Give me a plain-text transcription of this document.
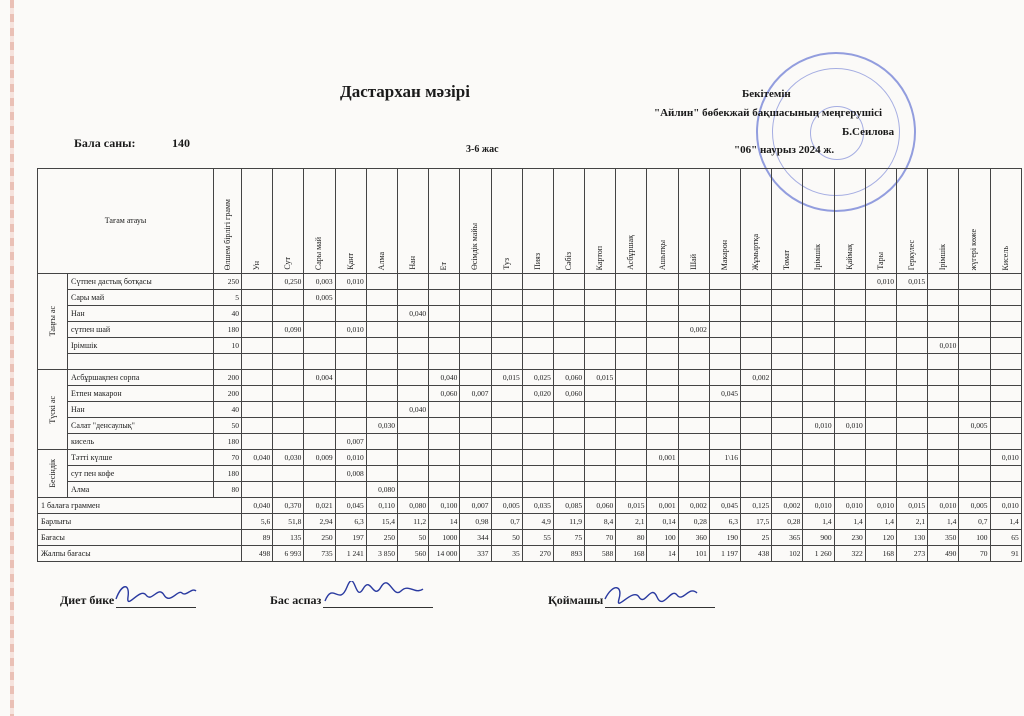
Дастархан мәзірі	Бекітемін
"Айлин" бөбекжай бақшасының меңгерушісі
Б.Сеилова
"06" наурыз 2024 ж.
Бала саны:	140	3-6 жас
Тағам атауы		Өлшем бірлігі грамм	Ун	Сут	Сары май	Қант	Алма	Нан	Ет	Өсімдік майы	Туз	Пияз	Сәбіз	Картоп	Асбұршақ	Ашытқы	Шай	Макарон	Жұмыртқа	Томат	Ірімшік	Қаймақ	Тары	Геркулес	Ірімшік	жүгері көже	Кисель

Таңғы ас	Сүтпен дастық ботқасы	250		0,250	0,003	0,010																	0,010	0,015			
	Сары май	5			0,005																						
	Нан	40						0,040																			
	сүтпен шай	180		0,090		0,010											0,002										
	Ірімшік	10																							0,010		

Түскі ас	Асбұршақпен сорпа	200			0,004				0,040		0,015	0,025	0,060	0,015					0,002								
	Етпен макарон	200							0,060	0,007		0,020	0,060					0,045									
	Нан	40						0,040																			
	Салат "денсаулық"	50					0,030														0,010	0,010				0,005	
	кисель	180				0,007																					

Бесiндiк	Тәтті күлше	70	0,040	0,030	0,009	0,010										0,001		1\16									0,010
	сут пен кофе	180				0,008																					
	Алма	80					0,080																				
1 балаға граммен			0,040	0,370	0,021	0,045	0,110	0,080	0,100	0,007	0,005	0,035	0,085	0,060	0,015	0,001	0,002	0,045	0,125	0,002	0,010	0,010	0,010	0,015	0,010	0,005	0,010
Барлығы			5,6	51,8	2,94	6,3	15,4	11,2	14	0,98	0,7	4,9	11,9	8,4	2,1	0,14	0,28	6,3	17,5	0,28	1,4	1,4	1,4	2,1	1,4	0,7	1,4
Бағасы			89	135	250	197	250	50	1000	344	50	55	75	70	80	100	360	190	25	365	900	230	120	130	350	100	65
Жалпы бағасы			498	6 993	735	1 241	3 850	560	14 000	337	35	270	893	588	168	14	101	1 197	438	102	1 260	322	168	273	490	70	91
Диет бике	Бас аспаз	Қоймашы
